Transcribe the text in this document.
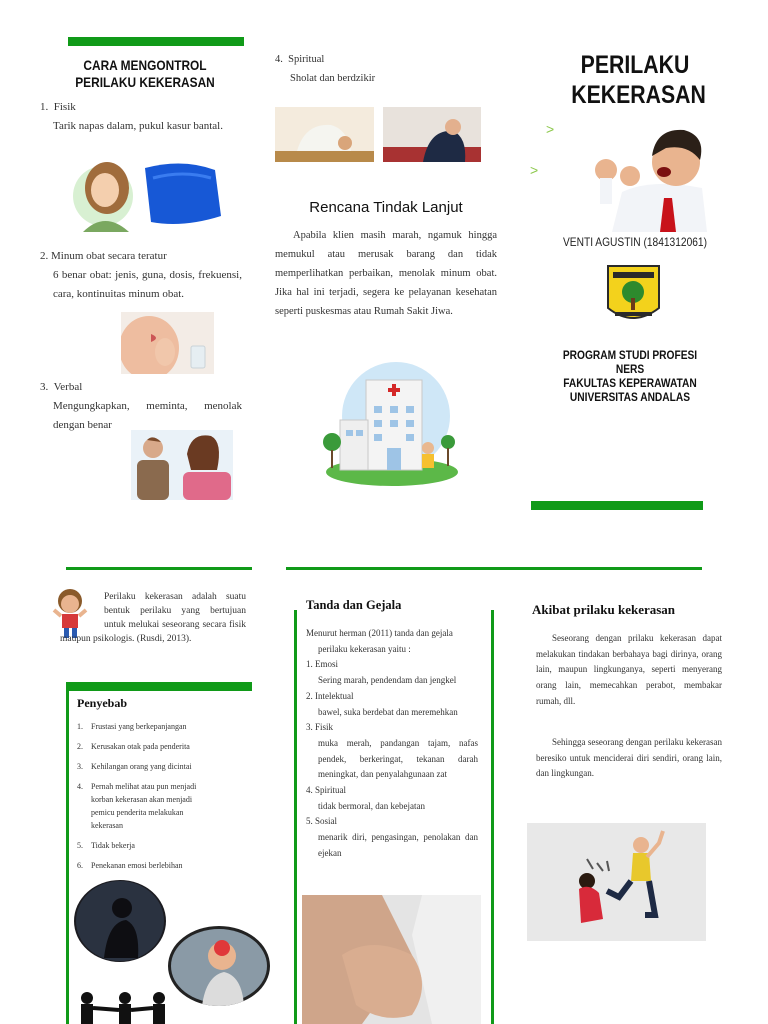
CARA MENGONTROL
PERILAKU KEKERASAN
1. Fisik
Tarik napas dalam, pukul kasur bantal.
2. Minum obat secara teratur
6 benar obat: jenis, guna, dosis, frekuensi, cara, kontinuitas minum obat.
3. Verbal
Mengungkapkan, meminta, menolak dengan benar
4. Spiritual
Sholat dan berdzikir
Rencana Tindak Lanjut
Apabila klien masih marah, ngamuk hingga memukul atau merusak barang dan tidak memperlihatkan perbaikan, menolak minum obat. Jika hal ini terjadi, segera ke pelayanan kesehatan seperti puskesmas atau Rumah Sakit Jiwa.
PERILAKU
KEKERASAN
>
>
VENTI AGUSTIN (1841312061)
PROGRAM STUDI PROFESI NERS
FAKULTAS KEPERAWATAN
UNIVERSITAS ANDALAS
Perilaku kekerasan adalah suatu bentuk perilaku yang bertujuan untuk melukai seseorang secara fisik maupun psikologis. (Rusdi, 2013).
Penyebab
1.	Frustasi yang berkepanjangan
2.	Kerusakan otak pada penderita
3.	Kehilangan orang yang dicintai
4.	Pernah melihat atau pun menjadi korban kekerasan akan menjadi pemicu penderita melakukan kekerasan
5.	Tidak bekerja
6.	Penekanan emosi berlebihan
Tanda dan Gejala
Menurut herman (2011) tanda dan gejala perilaku kekerasan yaitu :
1. Emosi
Sering marah, pendendam dan jengkel
2. Intelektual
bawel, suka berdebat dan meremehkan
3. Fisik
muka merah, pandangan tajam, nafas pendek, berkeringat, tekanan darah meningkat, dan penyalahgunaan zat
4. Spiritual
tidak bermoral, dan kebejatan
5. Sosial
menarik diri, pengasingan, penolakan dan ejekan
Akibat prilaku kekerasan
Seseorang dengan prilaku kekerasan dapat melakukan tindakan berbahaya bagi dirinya, orang lain, maupun lingkunganya, seperti menyerang orang lain, memecahkan perabot, membakar rumah, dll.
Sehingga seseorang dengan perilaku kekerasan beresiko untuk menciderai diri sendiri, orang lain, dan lingkungan.
